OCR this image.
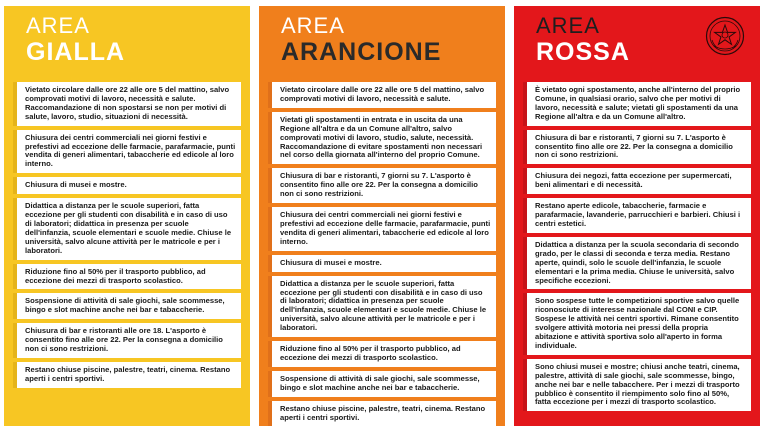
AREA
GIALLA
Vietato circolare dalle ore 22 alle ore 5 del mattino, salvo comprovati motivi di lavoro, necessità e salute. Raccomandazione di non spostarsi se non per motivi di salute, lavoro, studio, situazioni di necessità.
Chiusura dei centri commerciali nei giorni festivi e prefestivi ad eccezione delle farmacie, parafarmacie, punti vendita di generi alimentari, tabaccherie ed edicole al loro interno.
Chiusura di musei e mostre.
Didattica a distanza per le scuole superiori, fatta eccezione per gli studenti con disabilità e in caso di uso di laboratori; didattica in presenza per scuole dell'infanzia, scuole elementari e scuole medie. Chiuse le università, salvo alcune attività per le matricole e per i laboratori.
Riduzione fino al 50% per il trasporto pubblico, ad eccezione dei mezzi di trasporto scolastico.
Sospensione di attività di sale giochi, sale scommesse, bingo e slot machine anche nei bar e tabaccherie.
Chiusura di bar e ristoranti alle ore 18. L'asporto è consentito fino alle ore 22. Per la consegna a domicilio non ci sono restrizioni.
Restano chiuse piscine, palestre, teatri, cinema. Restano aperti i centri sportivi.
AREA
ARANCIONE
Vietato circolare dalle ore 22 alle ore 5 del mattino, salvo comprovati motivi di lavoro, necessità e salute.
Vietati gli spostamenti in entrata e in uscita da una Regione all'altra e da un Comune all'altro, salvo comprovati motivi di lavoro, studio, salute, necessità. Raccomandazione di evitare spostamenti non necessari nel corso della giornata all'interno del proprio Comune.
Chiusura di bar e ristoranti, 7 giorni su 7. L'asporto è consentito fino alle ore 22. Per la consegna a domicilio non ci sono restrizioni.
Chiusura dei centri commerciali nei giorni festivi e prefestivi ad eccezione delle farmacie, parafarmacie, punti vendita di generi alimentari, tabaccherie ed edicole al loro interno.
Chiusura di musei e mostre.
Didattica a distanza per le scuole superiori, fatta eccezione per gli studenti con disabilità e in caso di uso di laboratori; didattica in presenza per scuole dell'infanzia, scuole elementari e scuole medie. Chiuse le università, salvo alcune attività per le matricole e per i laboratori.
Riduzione fino al 50% per il trasporto pubblico, ad eccezione dei mezzi di trasporto scolastico.
Sospensione di attività di sale giochi, sale scommesse, bingo e slot machine anche nei bar e tabaccherie.
Restano chiuse piscine, palestre, teatri, cinema. Restano aperti i centri sportivi.
AREA
ROSSA
È vietato ogni spostamento, anche all'interno del proprio Comune, in qualsiasi orario, salvo che per motivi di lavoro, necessità e salute; vietati gli spostamenti da una Regione all'altra e da un Comune all'altro.
Chiusura di bar e ristoranti, 7 giorni su 7. L'asporto è consentito fino alle ore 22. Per la consegna a domicilio non ci sono restrizioni.
Chiusura dei negozi, fatta eccezione per supermercati, beni alimentari e di necessità.
Restano aperte edicole, tabaccherie, farmacie e parafarmacie, lavanderie, parrucchieri e barbieri. Chiusi i centri estetici.
Didattica a distanza per la scuola secondaria di secondo grado, per le classi di seconda e terza media. Restano aperte, quindi, solo le scuole dell'infanzia, le scuole elementari e la prima media. Chiuse le università, salvo specifiche eccezioni.
Sono sospese tutte le competizioni sportive salvo quelle riconosciute di interesse nazionale dal CONI e CIP. Sospese le attività nei centri sportivi. Rimane consentito svolgere attività motoria nei pressi della propria abitazione e attività sportiva solo all'aperto in forma individuale.
Sono chiusi musei e mostre; chiusi anche teatri, cinema, palestre, attività di sale giochi, sale scommesse, bingo, anche nei bar e nelle tabacchere. Per i mezzi di trasporto pubblico è consentito il riempimento solo fino al 50%, fatta eccezione per i mezzi di trasporto scolastico.
